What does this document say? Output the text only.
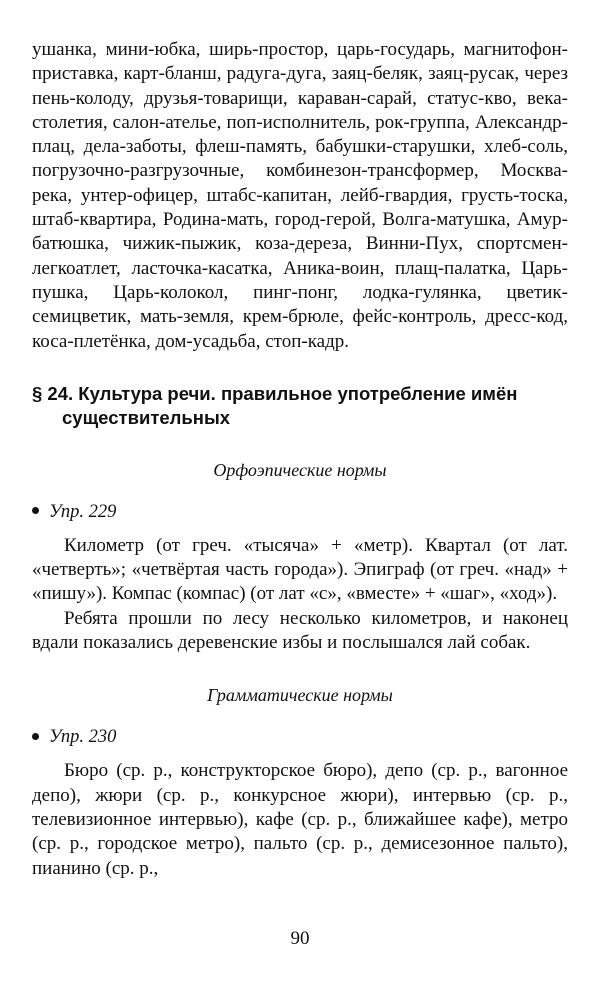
ушанка, мини-юбка, ширь-простор, царь-государь, магнитофон-приставка, карт-бланш, радуга-дуга, заяц-беляк, заяц-русак, через пень-колоду, друзья-товарищи, караван-сарай, статус-кво, века-столетия, салон-ателье, поп-исполнитель, рок-группа, Александр-плац, дела-заботы, флеш-память, бабушки-старушки, хлеб-соль, погрузочно-разгрузочные, комбинезон-трансформер, Москва-река, унтер-офицер, штабс-капитан, лейб-гвардия, грусть-тоска, штаб-квартира, Родина-мать, город-герой, Волга-матушка, Амур-батюшка, чижик-пыжик, коза-дереза, Винни-Пух, спортсмен-легкоатлет, ласточка-касатка, Аника-воин, плащ-палатка, Царь-пушка, Царь-колокол, пинг-понг, лодка-гулянка, цветик-семицветик, мать-земля, крем-брюле, фейс-контроль, дресс-код, коса-плетёнка, дом-усадьба, стоп-кадр.

§ 24. Культура речи. правильное употребление имён существительных
Орфоэпические нормы
Упр. 229

Километр (от греч. «тысяча» + «метр). Квартал (от лат. «четверть»; «четвёртая часть города»). Эпиграф (от греч. «над» + «пишу»). Компас (компас) (от лат «с», «вместе» + «шаг», «ход»).

Ребята прошли по лесу несколько километров, и наконец вдали показались деревенские избы и послышался лай собак.

Грамматические нормы
Упр. 230

Бюро (ср. р., конструкторское бюро), депо (ср. р., вагонное депо), жюри (ср. р., конкурсное жюри), интервью (ср. р., телевизионное интервью), кафе (ср. р., ближайшее кафе), метро (ср. р., городское метро), пальто (ср. р., демисезонное пальто), пианино (ср. р.,

90
